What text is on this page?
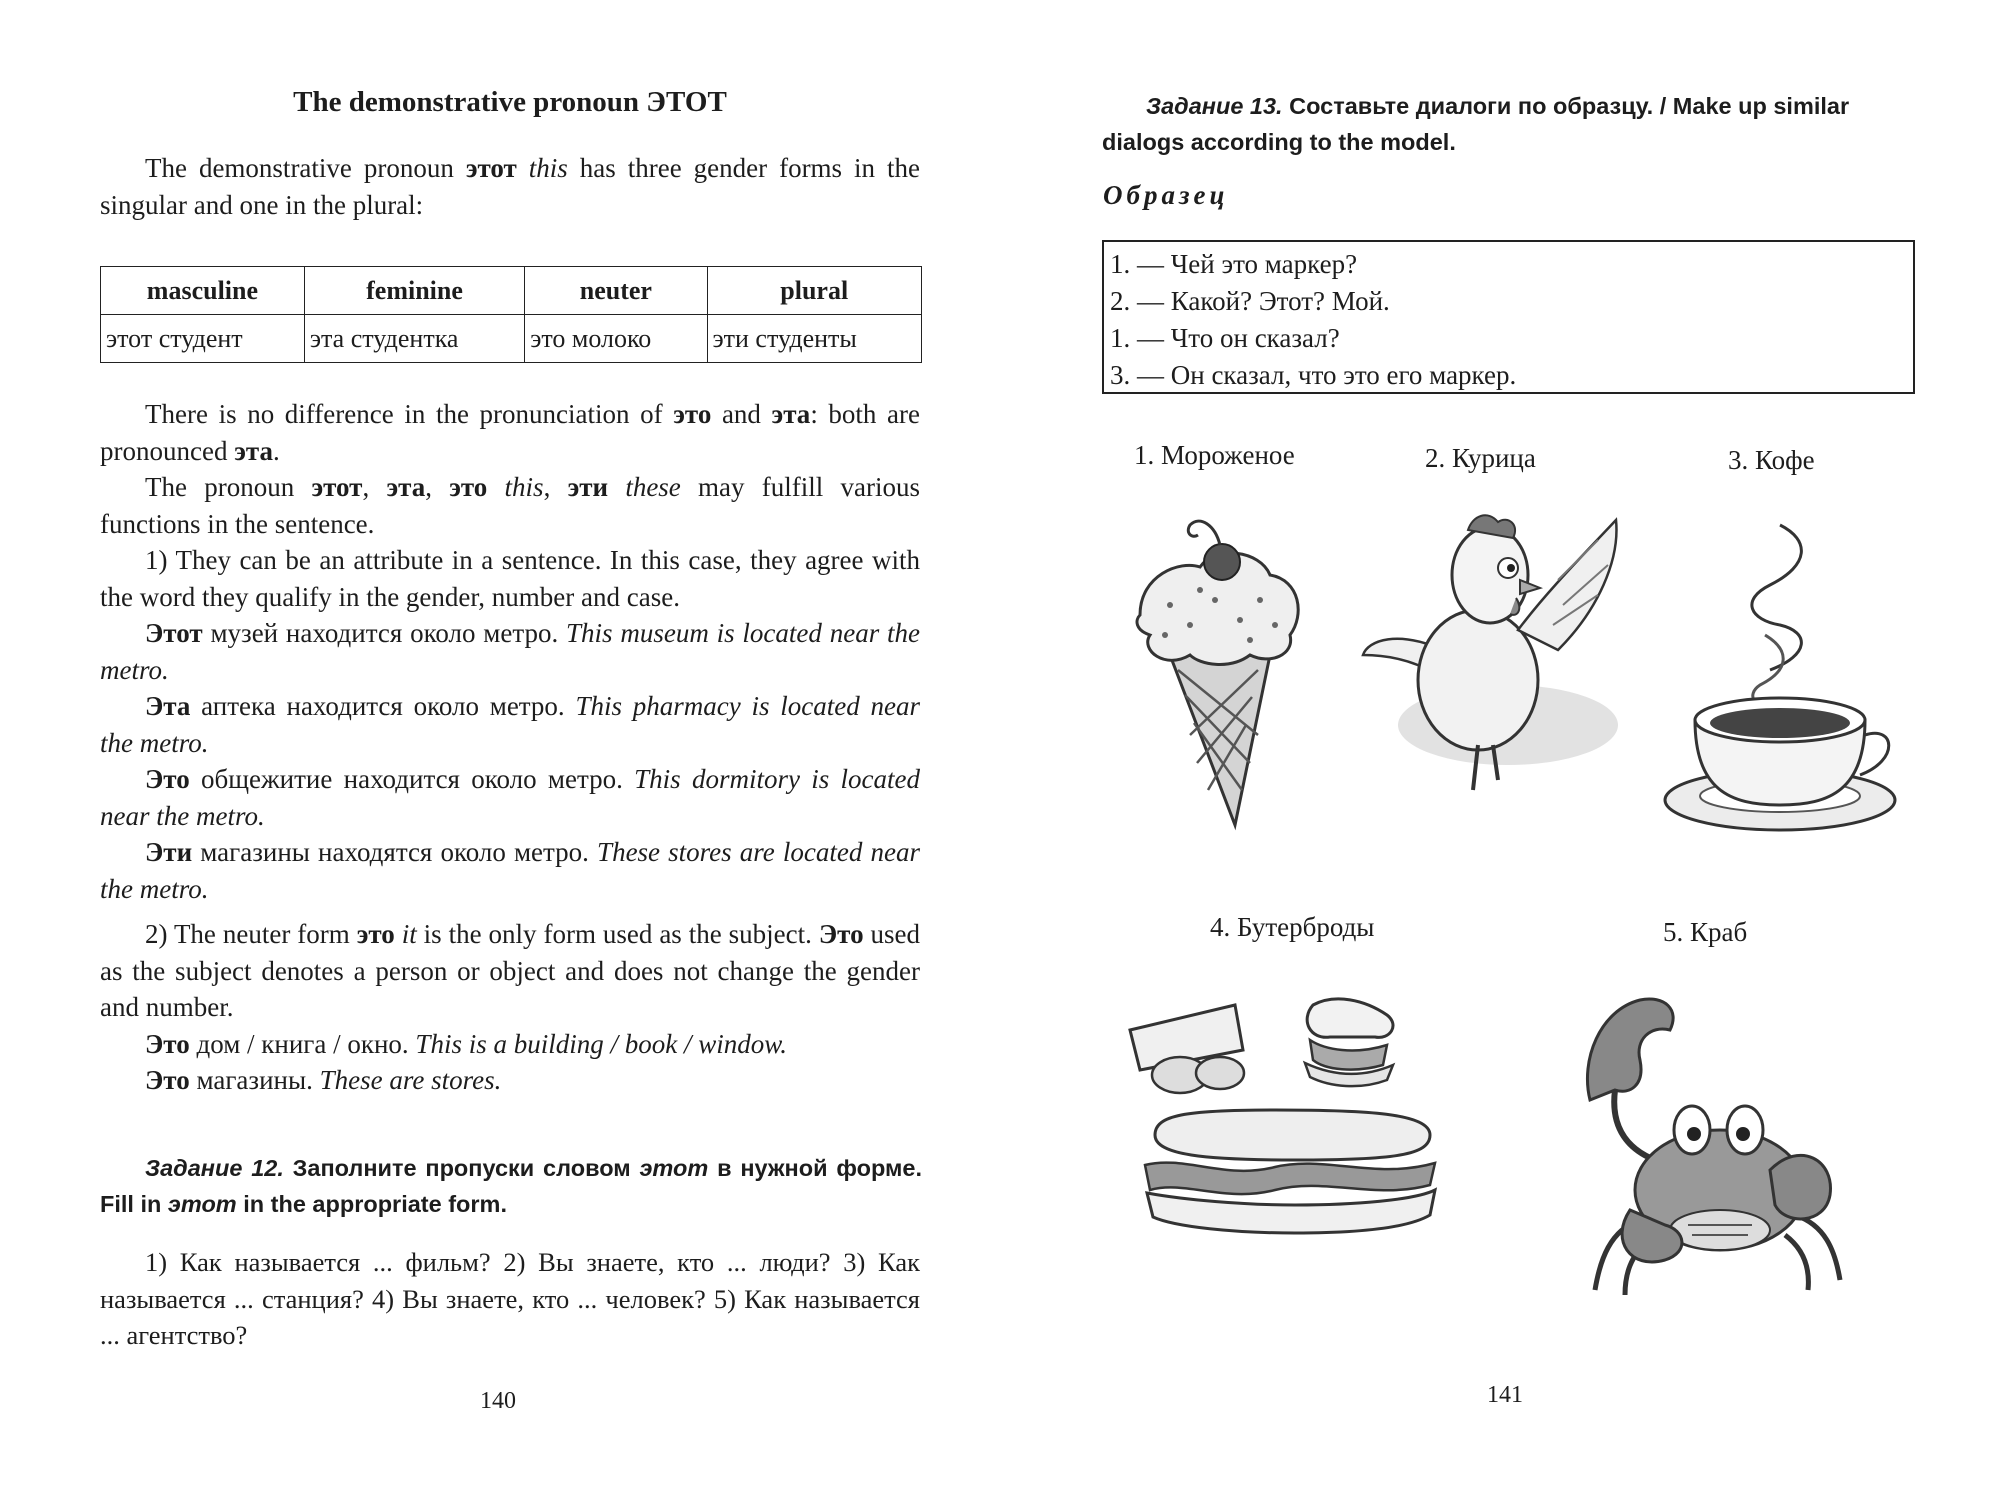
The demonstrative pronoun ЭТОТ

The demonstrative pronoun этот this has three gender forms in the singular and one in the plural:

masculine	feminine	neuter	plural
этот студент	эта студентка	это молоко	эти студенты

There is no difference in the pronunciation of это and эта: both are pronounced эта.

The pronoun этот, эта, это this, эти these may fulfill various functions in the sentence.

1) They can be an attribute in a sentence. In this case, they agree with the word they qualify in the gender, number and case.

Этот музей находится около метро. This museum is located near the metro.

Эта аптека находится около метро. This pharmacy is located near the metro.

Это общежитие находится около метро. This dormitory is located near the metro.

Эти магазины находятся около метро. These stores are located near the metro.

2) The neuter form это it is the only form used as the subject. Это used as the subject denotes a person or object and does not change the gender and number.

Это дом / книга / окно. This is a building / book / window.

Это магазины. These are stores.

Задание 12. Заполните пропуски словом этот в нужной форме. Fill in этот in the appropriate form.

1) Как называется ... фильм? 2) Вы знаете, кто ... люди? 3) Как называется ... станция? 4) Вы знаете, кто ... человек? 5) Как называется ... агентство?

140
Задание 13. Составьте диалоги по образцу. / Make up similar dialogs according to the model.
Образец
1. — Чей это маркер?
2. — Какой? Этот? Мой.
1. — Что он сказал?
3. — Он сказал, что это его маркер.
1. Мороженое	2. Курица	3. Кофе
4. Бутерброды	5. Краб
141
